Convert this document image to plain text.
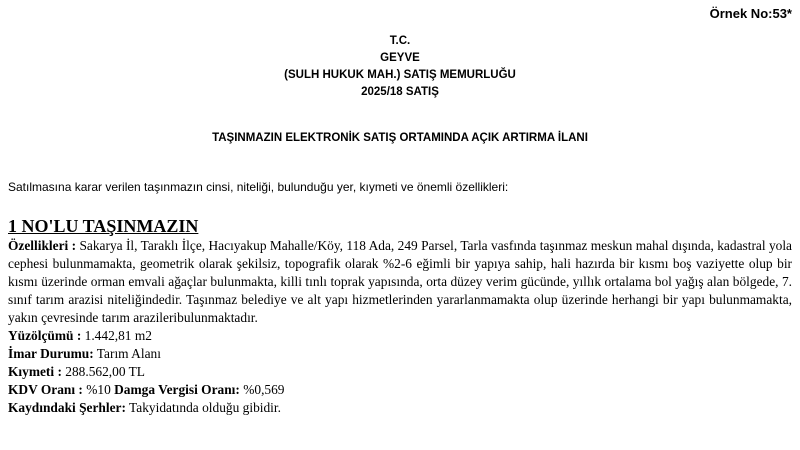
Örnek No:53*
T.C.
GEYVE
(SULH HUKUK MAH.) SATIŞ MEMURLUĞU
2025/18 SATIŞ
TAŞINMAZIN ELEKTRONİK SATIŞ ORTAMINDA AÇIK ARTIRMA İLANI
Satılmasına karar verilen taşınmazın cinsi, niteliği, bulunduğu yer, kıymeti ve önemli özellikleri:
1 NO'LU TAŞINMAZIN

Özellikleri : Sakarya İl, Taraklı İlçe, Hacıyakup Mahalle/Köy, 118 Ada, 249 Parsel, Tarla vasfında taşınmaz meskun mahal dışında, kadastral yola cephesi bulunmamakta, geometrik olarak şekilsiz, topografik olarak %2-6 eğimli bir yapıya sahip, hali hazırda bir kısmı boş vaziyette olup bir kısmı üzerinde orman emvali ağaçlar bulunmakta, killi tınlı toprak yapısında, orta düzey verim gücünde, yıllık ortalama bol yağış alan bölgede, 7. sınıf tarım arazisi niteliğindedir. Taşınmaz belediye ve alt yapı hizmetlerinden yararlanmamakta olup üzerinde herhangi bir yapı bulunmamakta, yakın çevresinde tarım arazileribulunmaktadır.

Yüzölçümü : 1.442,81 m2

İmar Durumu: Tarım Alanı

Kıymeti : 288.562,00 TL

KDV Oranı : %10 Damga Vergisi Oranı: %0,569

Kaydındaki Şerhler: Takyidatında olduğu gibidir.
